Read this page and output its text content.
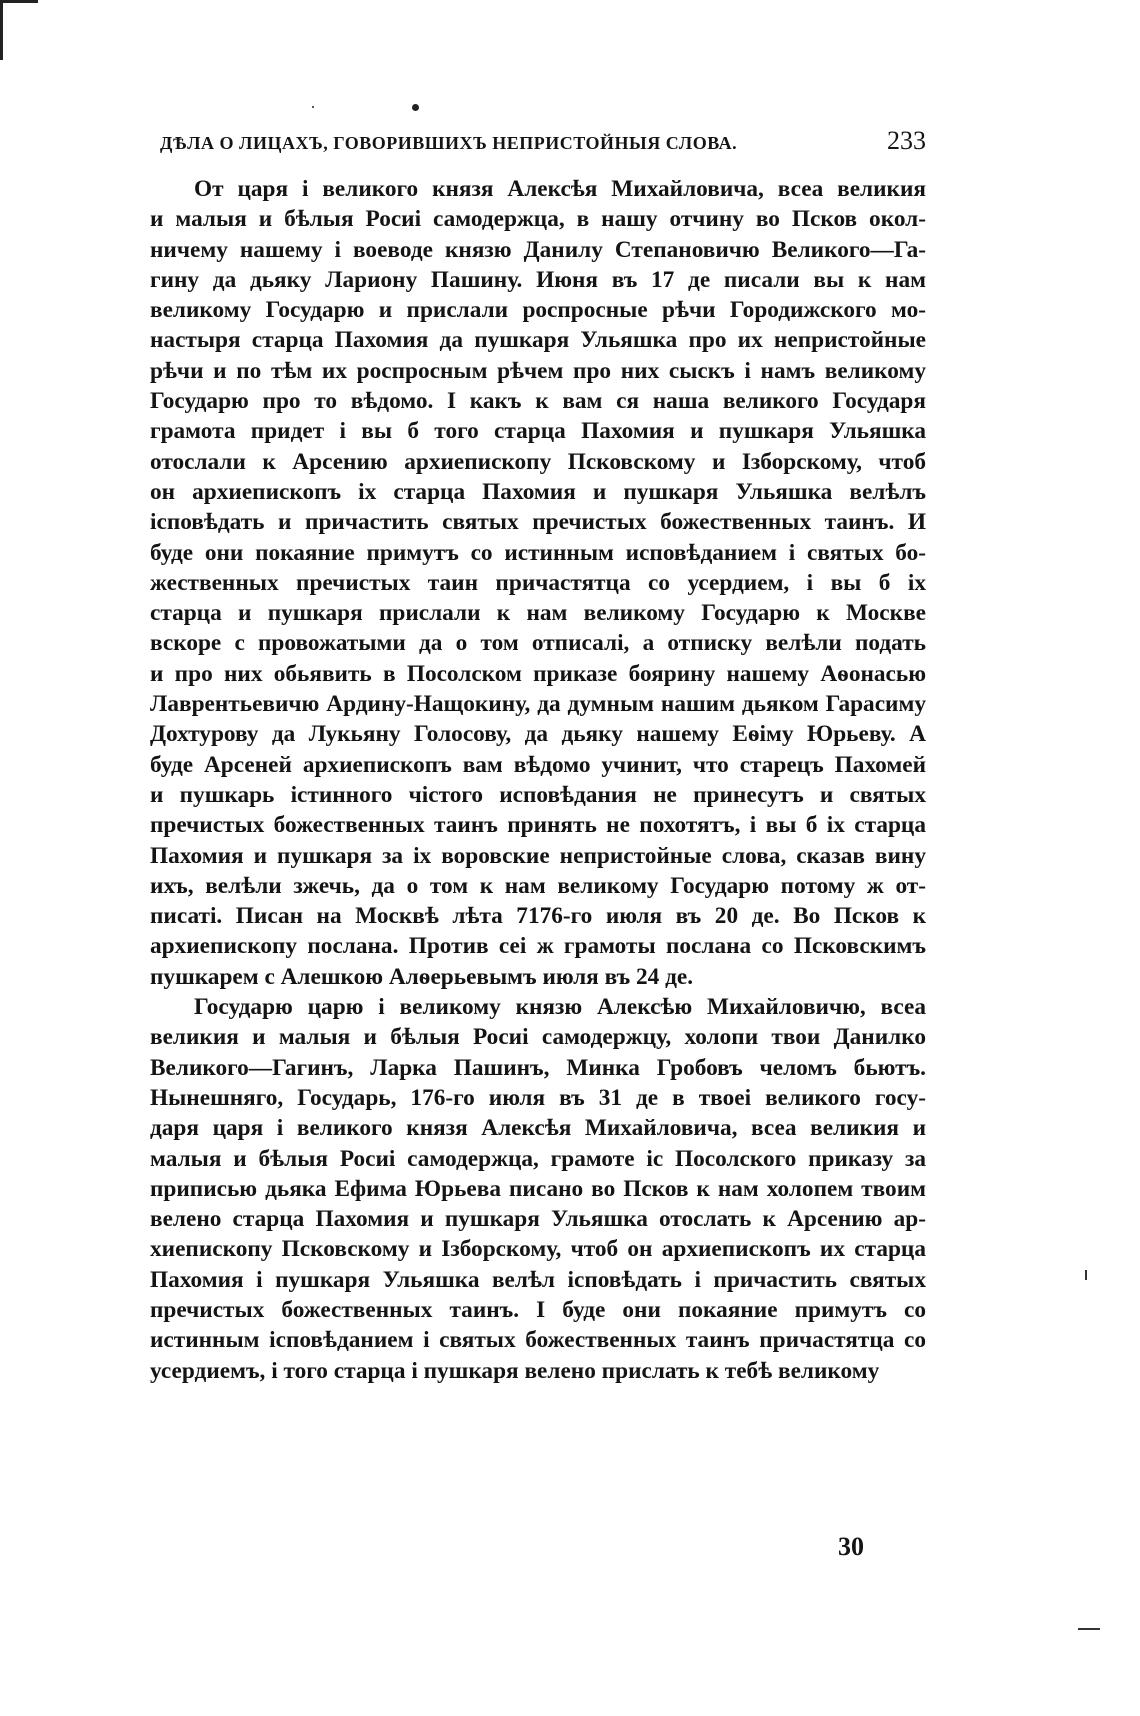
ДѢЛА О ЛИЦАХЪ, ГОВОРИВШИХЪ НЕПРИСТОЙНЫЯ СЛОВА.	233

От царя і великого князя Алексѣя Михайловича, всеа великия
и малыя и бѣлыя Росиі самодержца, в нашу отчину во Псков окол-
ничему нашему і воеводе князю Данилу Степановичю Великого—Га-
гину да дьяку Лариону Пашину. Июня въ 17 де писали вы к нам
великому Государю и прислали роспросные рѣчи Городижского мо-
настыря старца Пахомия да пушкаря Ульяшка про их непристойные
рѣчи и по тѣм их роспросным рѣчем про них сыскъ і намъ великому
Государю про то вѣдомо. І какъ к вам ся наша великого Государя
грамота придет і вы б того старца Пахомия и пушкаря Ульяшка
отослали к Арсению архиепископу Псковскому и Ізборскому, чтоб
он архиепископъ іх старца Пахомия и пушкаря Ульяшка велѣлъ
ісповѣдать и причастить святых пречистых божественных таинъ. И
буде они покаяние примутъ со истинным исповѣданием і святых бо-
жественных пречистых таин причастятца со усердием, і вы б іх
старца и пушкаря прислали к нам великому Государю к Москве
вскоре с провожатыми да о том отписалі, а отписку велѣли подать
и про них обьявить в Посолском приказе боярину нашему Аѳонасью
Лаврентьевичю Ардину-Нащокину, да думным нашим дьяком Гарасиму
Дохтурову да Лукьяну Голосову, да дьяку нашему Еѳіму Юрьеву. А
буде Арсеней архиепископъ вам вѣдомо учинит, что старецъ Пахомей
и пушкарь істинного чістого исповѣдания не принесутъ и святых
пречистых божественных таинъ принять не похотятъ, і вы б іх старца
Пахомия и пушкаря за іх воровские непристойные слова, сказав вину
ихъ, велѣли зжечь, да о том к нам великому Государю потому ж от-
писаті. Писан на Москвѣ лѣта 7176-го июля въ 20 де. Во Псков к
архиепископу послана. Против сеі ж грамоты послана со Псковскимъ
пушкарем с Алешкою Алѳерьевымъ июля въ 24 де.

Государю царю і великому князю Алексѣю Михайловичю, всеа
великия и малыя и бѣлыя Росиі самодержцу, холопи твои Данилко
Великого—Гагинъ, Ларка Пашинъ, Минка Гробовъ челомъ бьютъ.
Нынешняго, Государь, 176-го июля въ 31 де в твоеі великого госу-
даря царя і великого князя Алексѣя Михайловича, всеа великия и
малыя и бѣлыя Росиі самодержца, грамоте іс Посолского приказу за
приписью дьяка Ефима Юрьева писано во Псков к нам холопем твоим
велено старца Пахомия и пушкаря Ульяшка отослать к Арсению ар-
хиепископу Псковскому и Ізборскому, чтоб он архиепископъ их старца
Пахомия і пушкаря Ульяшка велѣл ісповѣдать і причастить святых
пречистых божественных таинъ. І буде они покаяние примутъ со
истинным ісповѣданием і святых божественных таинъ причастятца со
усердиемъ, і того старца і пушкаря велено прислать к тебѣ великому

30
